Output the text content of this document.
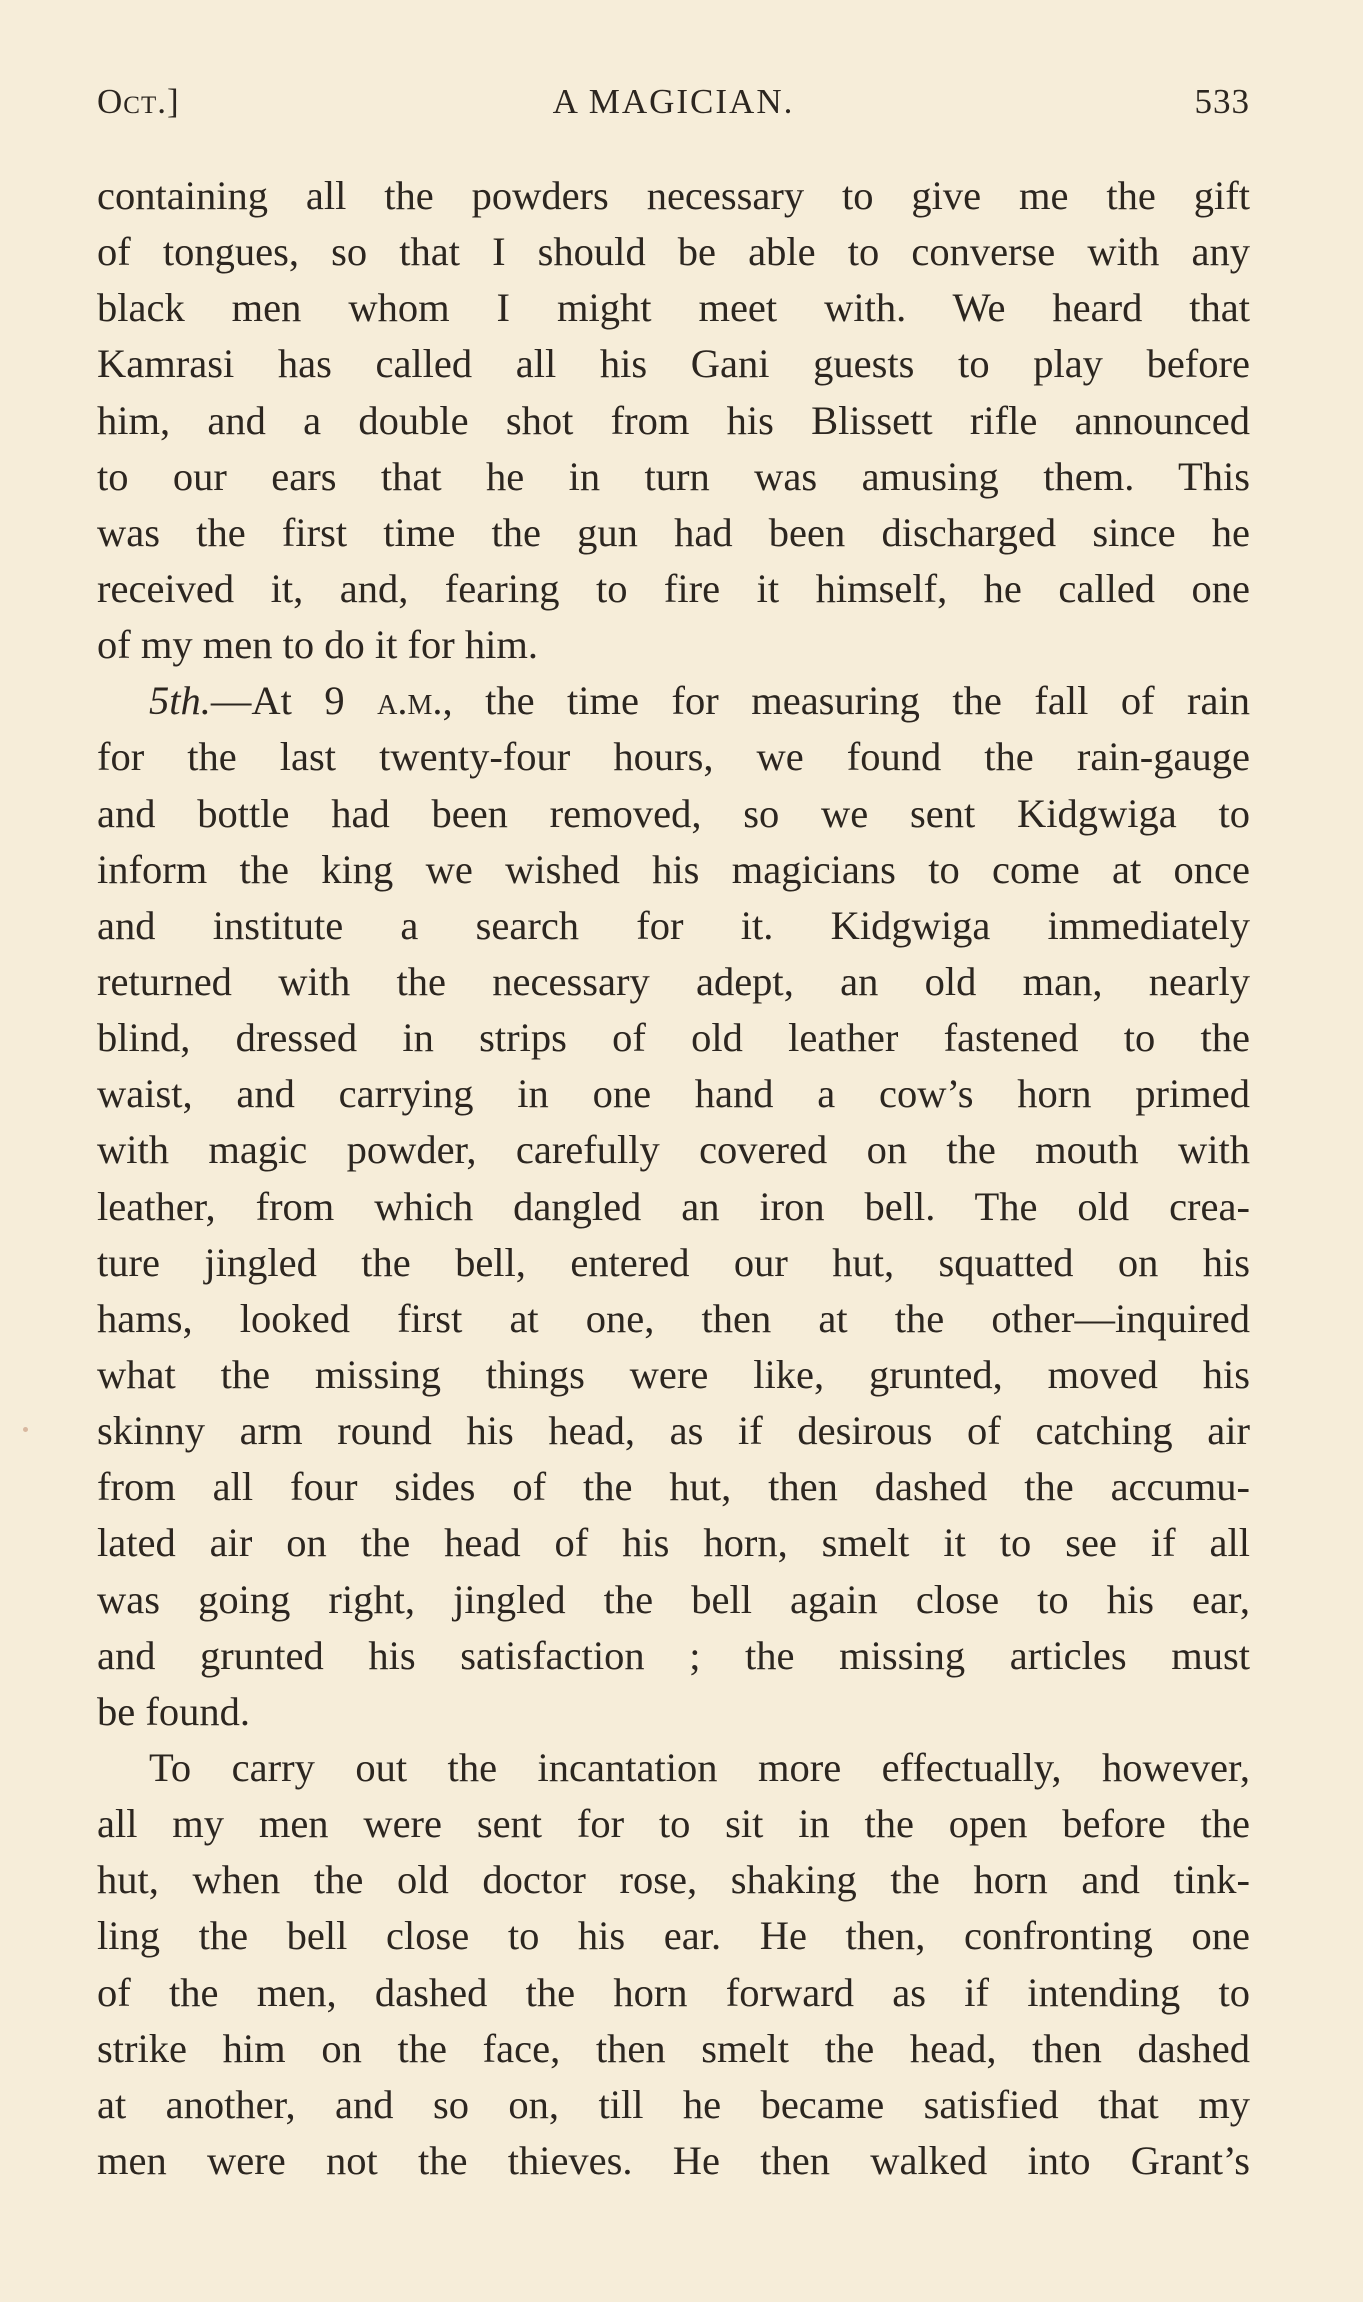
Oct.]	A MAGICIAN.	533
containing all the powders necessary to give me the gift
of tongues, so that I should be able to converse with any
black men whom I might meet with. We heard that
Kamrasi has called all his Gani guests to play before
him, and a double shot from his Blissett rifle announced
to our ears that he in turn was amusing them. This
was the first time the gun had been discharged since he
received it, and, fearing to fire it himself, he called one
of my men to do it for him.
5th.—At 9 a.m., the time for measuring the fall of rain
for the last twenty-four hours, we found the rain-gauge
and bottle had been removed, so we sent Kidgwiga to
inform the king we wished his magicians to come at once
and institute a search for it. Kidgwiga immediately
returned with the necessary adept, an old man, nearly
blind, dressed in strips of old leather fastened to the
waist, and carrying in one hand a cow’s horn primed
with magic powder, carefully covered on the mouth with
leather, from which dangled an iron bell. The old crea-
ture jingled the bell, entered our hut, squatted on his
hams, looked first at one, then at the other—inquired
what the missing things were like, grunted, moved his
skinny arm round his head, as if desirous of catching air
from all four sides of the hut, then dashed the accumu-
lated air on the head of his horn, smelt it to see if all
was going right, jingled the bell again close to his ear,
and grunted his satisfaction ; the missing articles must
be found.
To carry out the incantation more effectually, however,
all my men were sent for to sit in the open before the
hut, when the old doctor rose, shaking the horn and tink-
ling the bell close to his ear. He then, confronting one
of the men, dashed the horn forward as if intending to
strike him on the face, then smelt the head, then dashed
at another, and so on, till he became satisfied that my
men were not the thieves. He then walked into Grant’s
